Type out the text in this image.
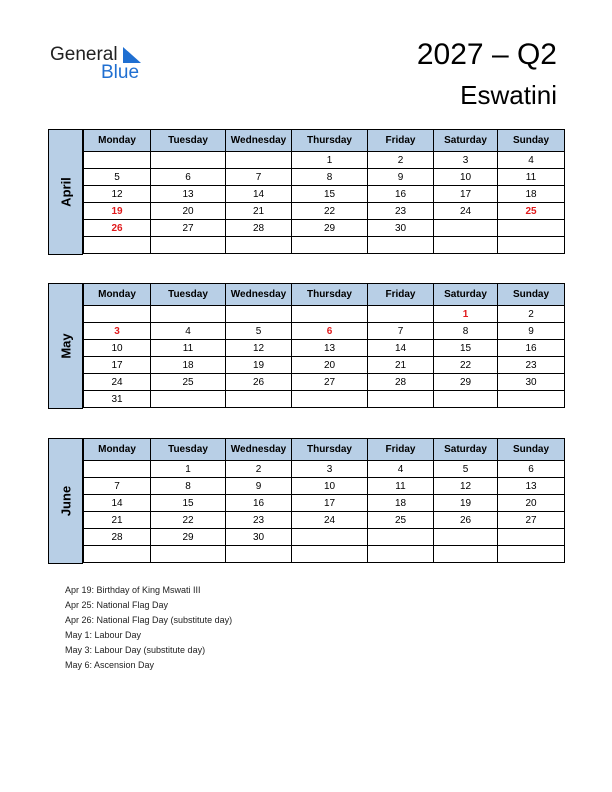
General
Blue
2027 – Q2
Eswatini
April
Monday	Tuesday	Wednesday	Thursday	Friday	Saturday	Sunday
			1	2	3	4
5	6	7	8	9	10	11
12	13	14	15	16	17	18
19	20	21	22	23	24	25
26	27	28	29	30		

May
Monday	Tuesday	Wednesday	Thursday	Friday	Saturday	Sunday
					1	2
3	4	5	6	7	8	9
10	11	12	13	14	15	16
17	18	19	20	21	22	23
24	25	26	27	28	29	30
31						
June
Monday	Tuesday	Wednesday	Thursday	Friday	Saturday	Sunday
	1	2	3	4	5	6
7	8	9	10	11	12	13
14	15	16	17	18	19	20
21	22	23	24	25	26	27
28	29	30				

Apr 19: Birthday of King Mswati III
Apr 25: National Flag Day
Apr 26: National Flag Day (substitute day)
May 1: Labour Day
May 3: Labour Day (substitute day)
May 6: Ascension Day
